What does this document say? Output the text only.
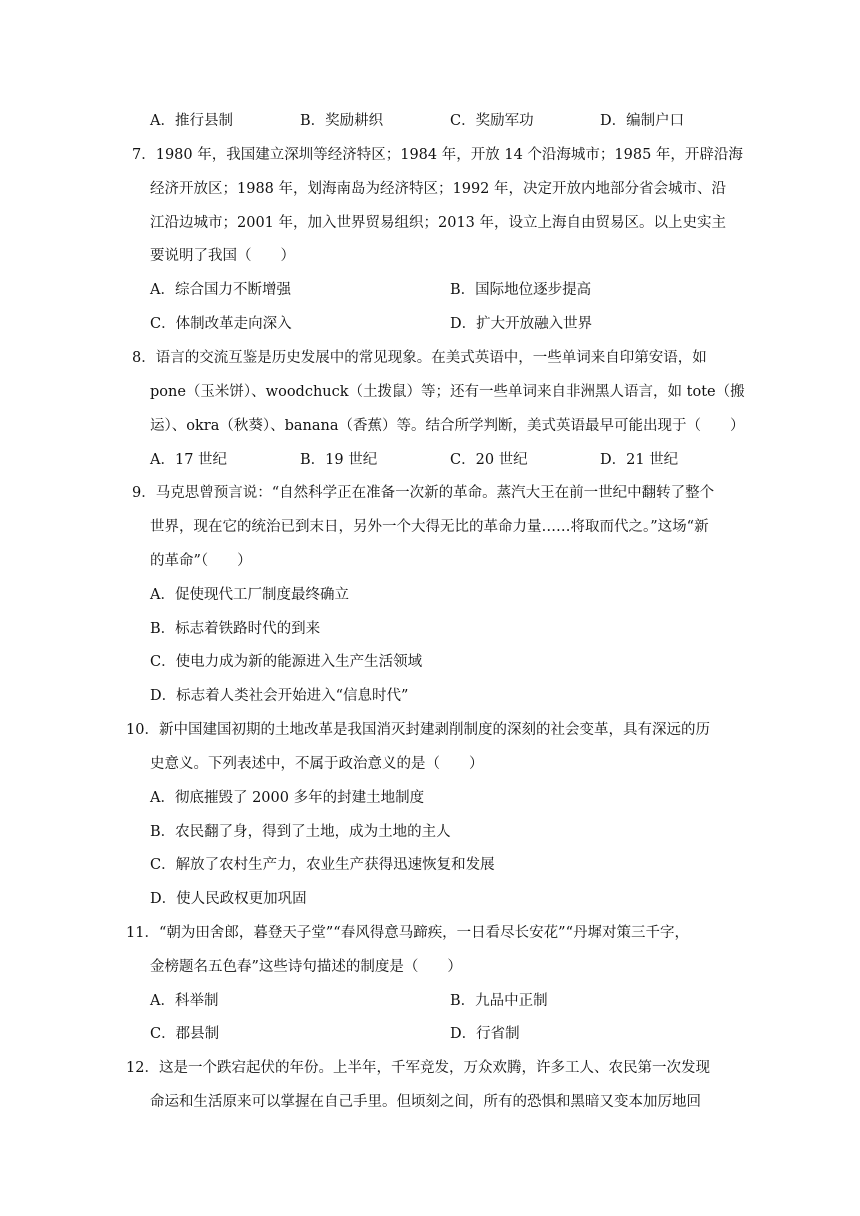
A．推行县制	B．奖励耕织	C．奖励军功	D．编制户口
7．1980 年，我国建立深圳等经济特区；1984 年，开放 14 个沿海城市；1985 年，开辟沿海
经济开放区；1988 年，划海南岛为经济特区；1992 年，决定开放内地部分省会城市、沿
江沿边城市；2001 年，加入世界贸易组织；2013 年，设立上海自由贸易区。以上史实主
要说明了我国（　　）
A．综合国力不断增强	B．国际地位逐步提高
C．体制改革走向深入	D．扩大开放融入世界
8．语言的交流互鉴是历史发展中的常见现象。在美式英语中，一些单词来自印第安语，如
pone（玉米饼）、woodchuck（土拨鼠）等；还有一些单词来自非洲黑人语言，如 tote（搬
运）、okra（秋葵）、banana（香蕉）等。结合所学判断，美式英语最早可能出现于（　　）
A．17 世纪	B．19 世纪	C．20 世纪	D．21 世纪
9．马克思曾预言说：“自然科学正在准备一次新的革命。蒸汽大王在前一世纪中翻转了整个
世界，现在它的统治已到末日，另外一个大得无比的革命力量……将取而代之。”这场“新
的革命”（　　）
A．促使现代工厂制度最终确立
B．标志着铁路时代的到来
C．使电力成为新的能源进入生产生活领域
D．标志着人类社会开始进入“信息时代”
10．新中国建国初期的土地改革是我国消灭封建剥削制度的深刻的社会变革，具有深远的历
史意义。下列表述中，不属于政治意义的是（　　）
A．彻底摧毁了 2000 多年的封建土地制度
B．农民翻了身，得到了土地，成为土地的主人
C．解放了农村生产力，农业生产获得迅速恢复和发展
D．使人民政权更加巩固
11．“朝为田舍郎，暮登天子堂”“春风得意马蹄疾，一日看尽长安花”“丹墀对策三千字，
金榜题名五色春”这些诗句描述的制度是（　　）
A．科举制	B．九品中正制
C．郡县制	D．行省制
12．这是一个跌宕起伏的年份。上半年，千军竞发，万众欢腾，许多工人、农民第一次发现
命运和生活原来可以掌握在自己手里。但顷刻之间，所有的恐惧和黑暗又变本加厉地回
